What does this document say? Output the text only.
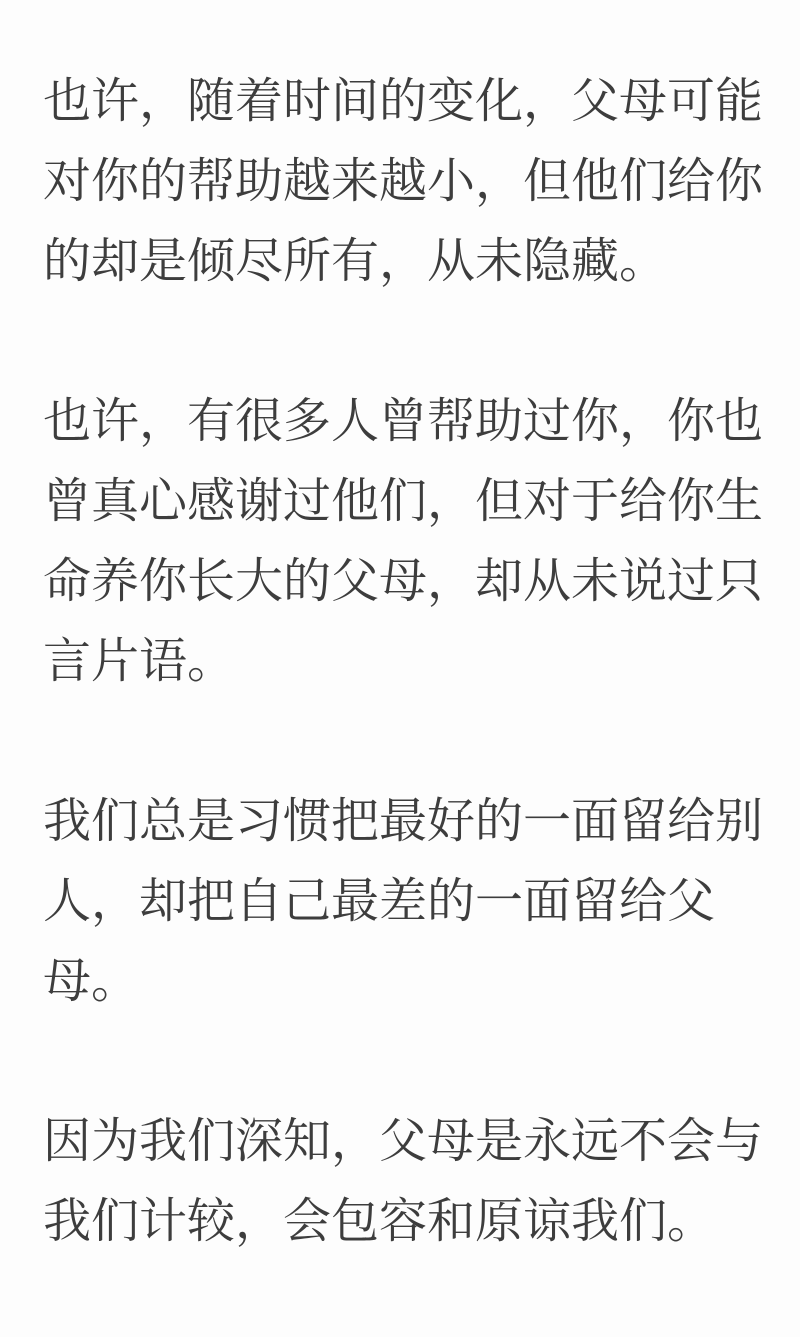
也许，随着时间的变化，父母可能
对你的帮助越来越小，但他们给你
的却是倾尽所有，从未隐藏。

也许，有很多人曾帮助过你，你也
曾真心感谢过他们，但对于给你生
命养你长大的父母，却从未说过只
言片语。

我们总是习惯把最好的一面留给别
人，却把自己最差的一面留给父
母。

因为我们深知，父母是永远不会与
我们计较，会包容和原谅我们。
